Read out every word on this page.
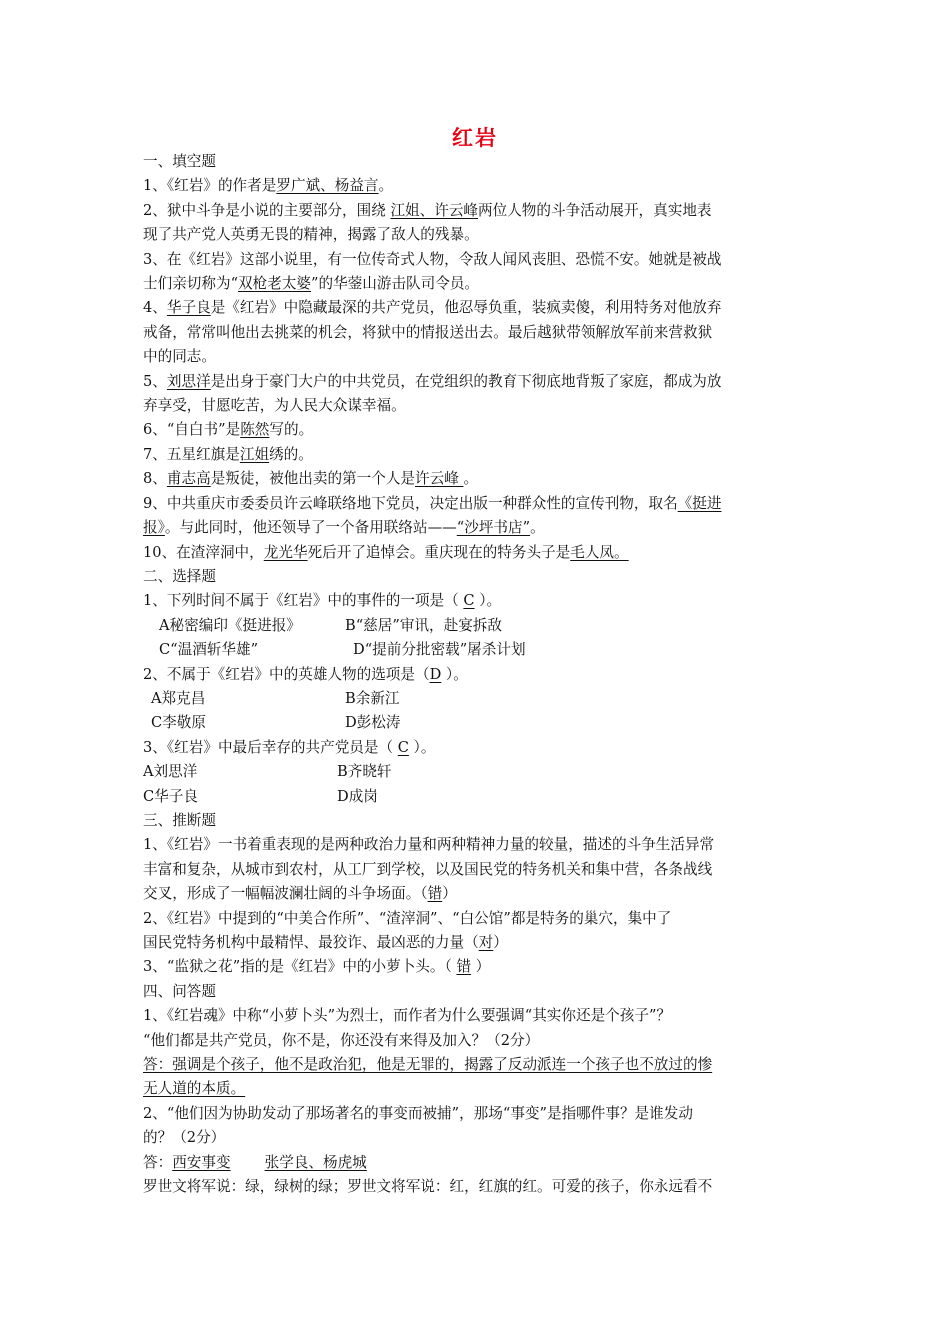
红岩
一、填空题
1、《红岩》的作者是罗广斌、杨益言。
2、狱中斗争是小说的主要部分，围绕 江姐、许云峰两位人物的斗争活动展开，真实地表
现了共产党人英勇无畏的精神，揭露了敌人的残暴。
3、在《红岩》这部小说里，有一位传奇式人物，令敌人闻风丧胆、恐慌不安。她就是被战
士们亲切称为“双枪老太婆”的华蓥山游击队司令员。
4、华子良是《红岩》中隐藏最深的共产党员，他忍辱负重，装疯卖傻，利用特务对他放弃
戒备，常常叫他出去挑菜的机会，将狱中的情报送出去。最后越狱带领解放军前来营救狱
中的同志。
5、刘思洋是出身于豪门大户的中共党员，在党组织的教育下彻底地背叛了家庭，都成为放
弃享受，甘愿吃苦，为人民大众谋幸福。
6、“自白书”是陈然写的。
7、五星红旗是江姐绣的。
8、甫志高是叛徒，被他出卖的第一个人是许云峰 。
9、中共重庆市委委员许云峰联络地下党员，决定出版一种群众性的宣传刊物，取名《挺进
报》。与此同时，他还领导了一个备用联络站——“沙坪书店”。
10、在渣滓洞中，龙光华死后开了追悼会。重庆现在的特务头子是毛人凤。
二、选择题
1、下列时间不属于《红岩》中的事件的一项是（ C ）。
A秘密编印《挺进报》	B“慈居”审讯，赴宴拆敌
C“温酒斩华雄”	D“提前分批密载”屠杀计划
2、不属于《红岩》中的英雄人物的选项是（D ）。
A郑克昌	B余新江
C李敬原	D彭松涛
3、《红岩》中最后幸存的共产党员是（ C ）。
A刘思洋	B齐晓轩
C华子良	D成岗
三、推断题
1、《红岩》一书着重表现的是两种政治力量和两种精神力量的较量，描述的斗争生活异常
丰富和复杂，从城市到农村，从工厂到学校，以及国民党的特务机关和集中营，各条战线
交叉，形成了一幅幅波澜壮阔的斗争场面。（错）
2、《红岩》中提到的“中美合作所”、“渣滓洞”、“白公馆”都是特务的巢穴，集中了
国民党特务机构中最精悍、最狡诈、最凶恶的力量（对）
3、“监狱之花”指的是《红岩》中的小萝卜头。（ 错 ）
四、问答题
1、《红岩魂》中称“小萝卜头”为烈士，而作者为什么要强调“其实你还是个孩子”？
“他们都是共产党员，你不是，你还没有来得及加入？（2分）
答：强调是个孩子，他不是政治犯，他是无罪的，揭露了反动派连一个孩子也不放过的惨
无人道的本质。
2、“他们因为协助发动了那场著名的事变而被捕”，那场“事变”是指哪件事？是谁发动
的？（2分）
答：西安事变 张学良、杨虎城
罗世文将军说：绿，绿树的绿；罗世文将军说：红，红旗的红。可爱的孩子，你永远看不
